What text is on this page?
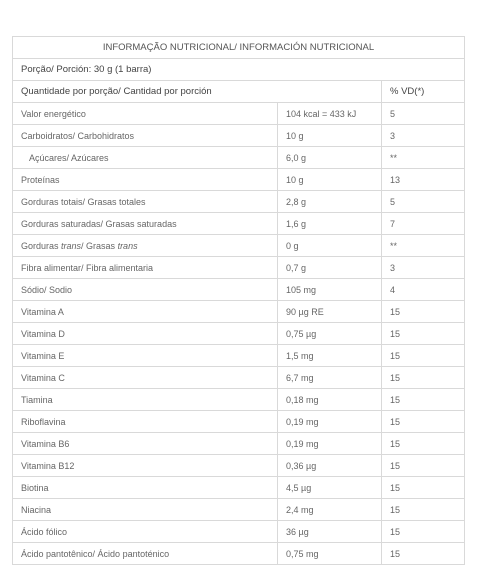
INFORMAÇÃO NUTRICIONAL/ INFORMACIÓN NUTRICIONAL		
Porção/ Porción: 30 g (1 barra)		
Quantidade por porção/ Cantidad por porción		% VD(*)
Valor energético	104 kcal = 433 kJ	5
Carboidratos/ Carbohidratos	10 g	3
Açúcares/ Azúcares	6,0 g	**
Proteínas	10 g	13
Gorduras totais/ Grasas totales	2,8 g	5
Gorduras saturadas/ Grasas saturadas	1,6 g	7
Gorduras trans/ Grasas trans	0 g	**
Fibra alimentar/ Fibra alimentaria	0,7 g	3
Sódio/ Sodio	105 mg	4
Vitamina A	90 µg RE	15
Vitamina D	0,75 µg	15
Vitamina E	1,5 mg	15
Vitamina C	6,7 mg	15
Tiamina	0,18 mg	15
Riboflavina	0,19 mg	15
Vitamina B6	0,19 mg	15
Vitamina B12	0,36 µg	15
Biotina	4,5 µg	15
Niacina	2,4 mg	15
Ácido fólico	36 µg	15
Ácido pantotênico/ Ácido pantoténico	0,75 mg	15
